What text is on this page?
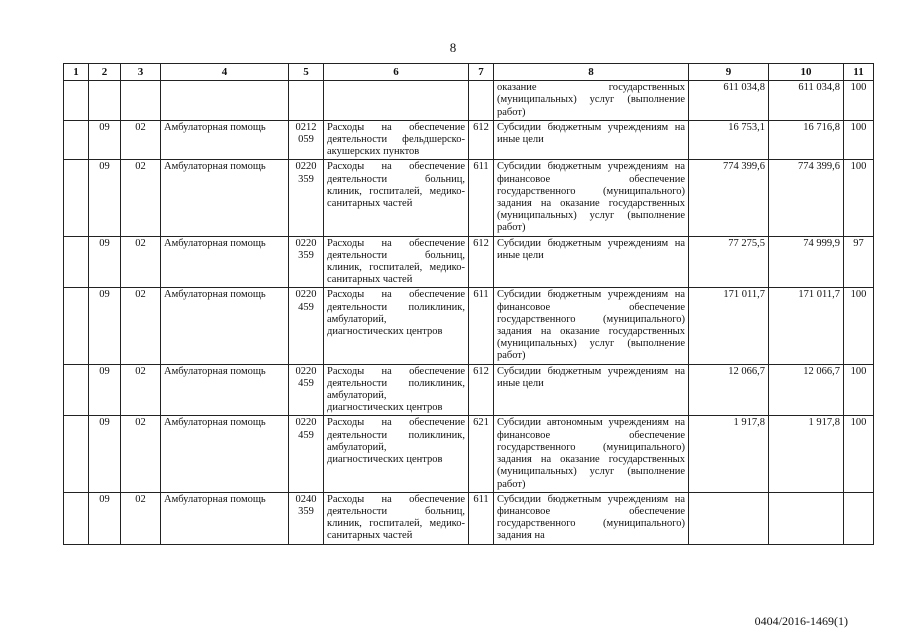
8
1	2	3	4	5	6	7	8	9	10	11
							оказание государственных (муниципальных) услуг (выполнение работ)	611 034,8	611 034,8	100
	09	02	Амбулаторная помощь	0212 059	Расходы на обеспечение деятельности фельдшерско-акушерских пунктов	612	Субсидии бюджетным учреждениям на иные цели	16 753,1	16 716,8	100
	09	02	Амбулаторная помощь	0220 359	Расходы на обеспечение деятельности больниц, клиник, госпиталей, медико-санитарных частей	611	Субсидии бюджетным учреждениям на финансовое обеспечение государственного (муниципального) задания на оказание государственных (муниципальных) услуг (выполнение работ)	774 399,6	774 399,6	100
	09	02	Амбулаторная помощь	0220 359	Расходы на обеспечение деятельности больниц, клиник, госпиталей, медико-санитарных частей	612	Субсидии бюджетным учреждениям на иные цели	77 275,5	74 999,9	97
	09	02	Амбулаторная помощь	0220 459	Расходы на обеспечение деятельности поликлиник, амбулаторий, диагностических центров	611	Субсидии бюджетным учреждениям на финансовое обеспечение государственного (муниципального) задания на оказание государственных (муниципальных) услуг (выполнение работ)	171 011,7	171 011,7	100
	09	02	Амбулаторная помощь	0220 459	Расходы на обеспечение деятельности поликлиник, амбулаторий, диагностических центров	612	Субсидии бюджетным учреждениям на иные цели	12 066,7	12 066,7	100
	09	02	Амбулаторная помощь	0220 459	Расходы на обеспечение деятельности поликлиник, амбулаторий, диагностических центров	621	Субсидии автономным учреждениям на финансовое обеспечение государственного (муниципального) задания на оказание государственных (муниципальных) услуг (выполнение работ)	1 917,8	1 917,8	100
	09	02	Амбулаторная помощь	0240 359	Расходы на обеспечение деятельности больниц, клиник, госпиталей, медико-санитарных частей	611	Субсидии бюджетным учреждениям на финансовое обеспечение государственного (муниципального) задания на			
0404/2016-1469(1)
